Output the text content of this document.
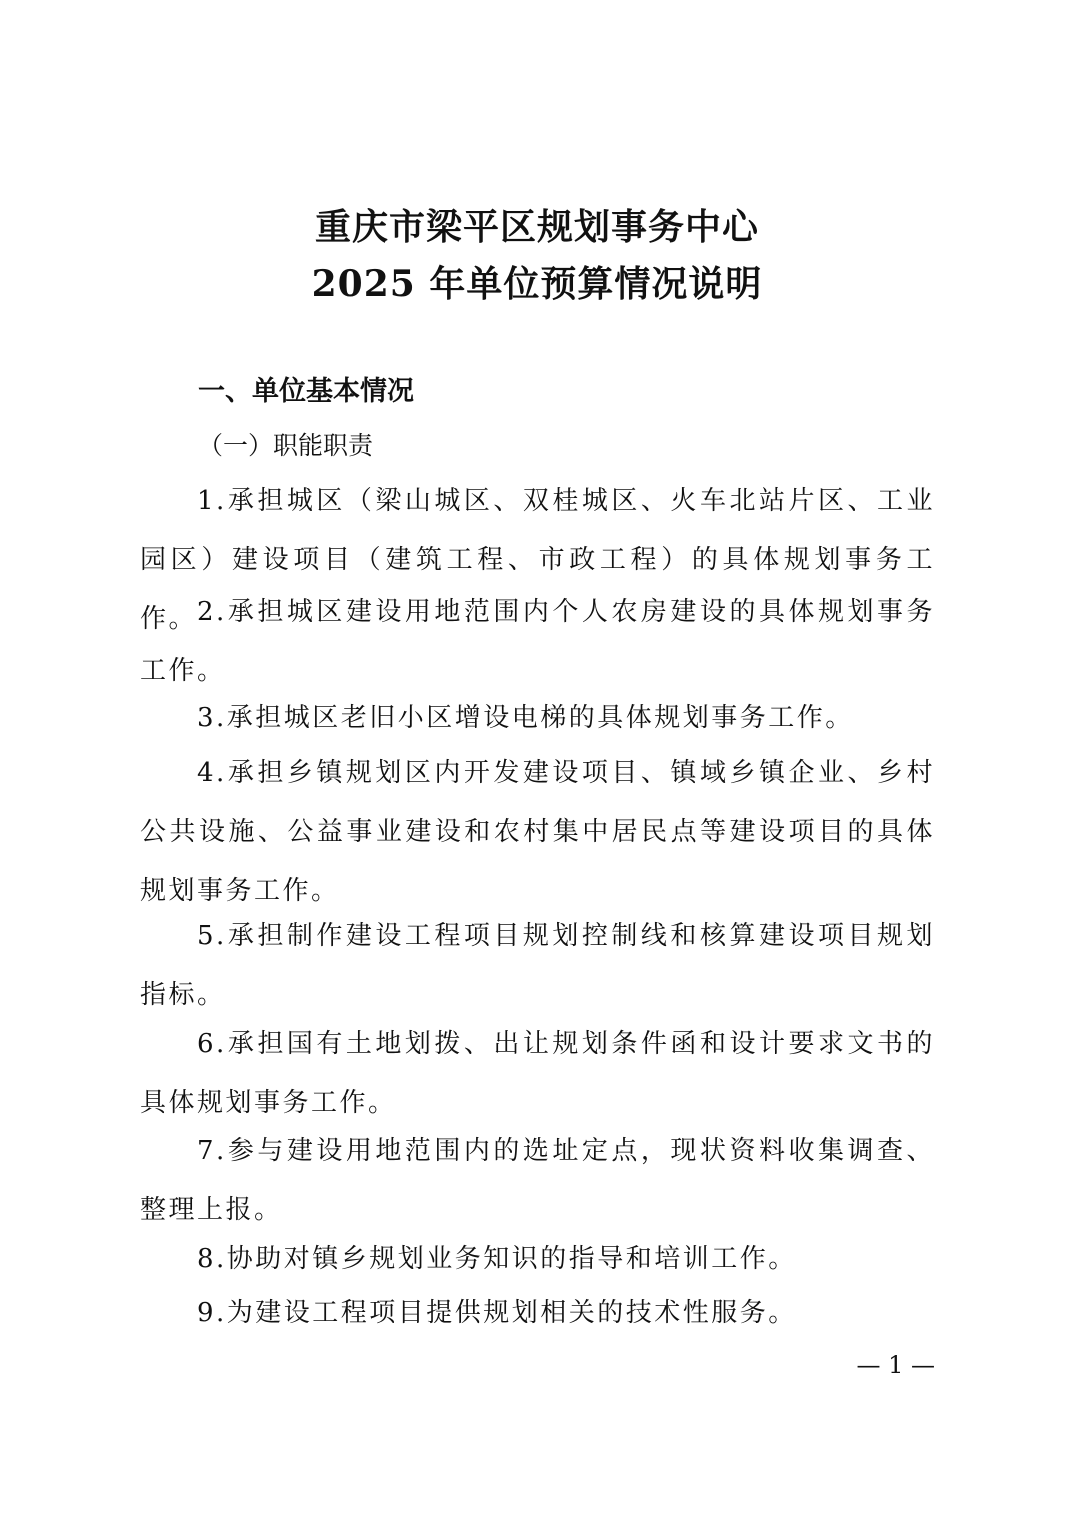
重庆市梁平区规划事务中心
2025 年单位预算情况说明
一、单位基本情况
（一）职能职责

1.承担城区（梁山城区、双桂城区、火车北站片区、工业园区）建设项目（建筑工程、市政工程）的具体规划事务工作。 2.承担城区建设用地范围内个人农房建设的具体规划事务工作。

3.承担城区老旧小区增设电梯的具体规划事务工作。

4.承担乡镇规划区内开发建设项目、镇域乡镇企业、乡村公共设施、公益事业建设和农村集中居民点等建设项目的具体规划事务工作。

5.承担制作建设工程项目规划控制线和核算建设项目规划指标。

6.承担国有土地划拨、出让规划条件函和设计要求文书的具体规划事务工作。

7.参与建设用地范围内的选址定点，现状资料收集调查、整理上报。

8.协助对镇乡规划业务知识的指导和培训工作。

9.为建设工程项目提供规划相关的技术性服务。

— 1 —
